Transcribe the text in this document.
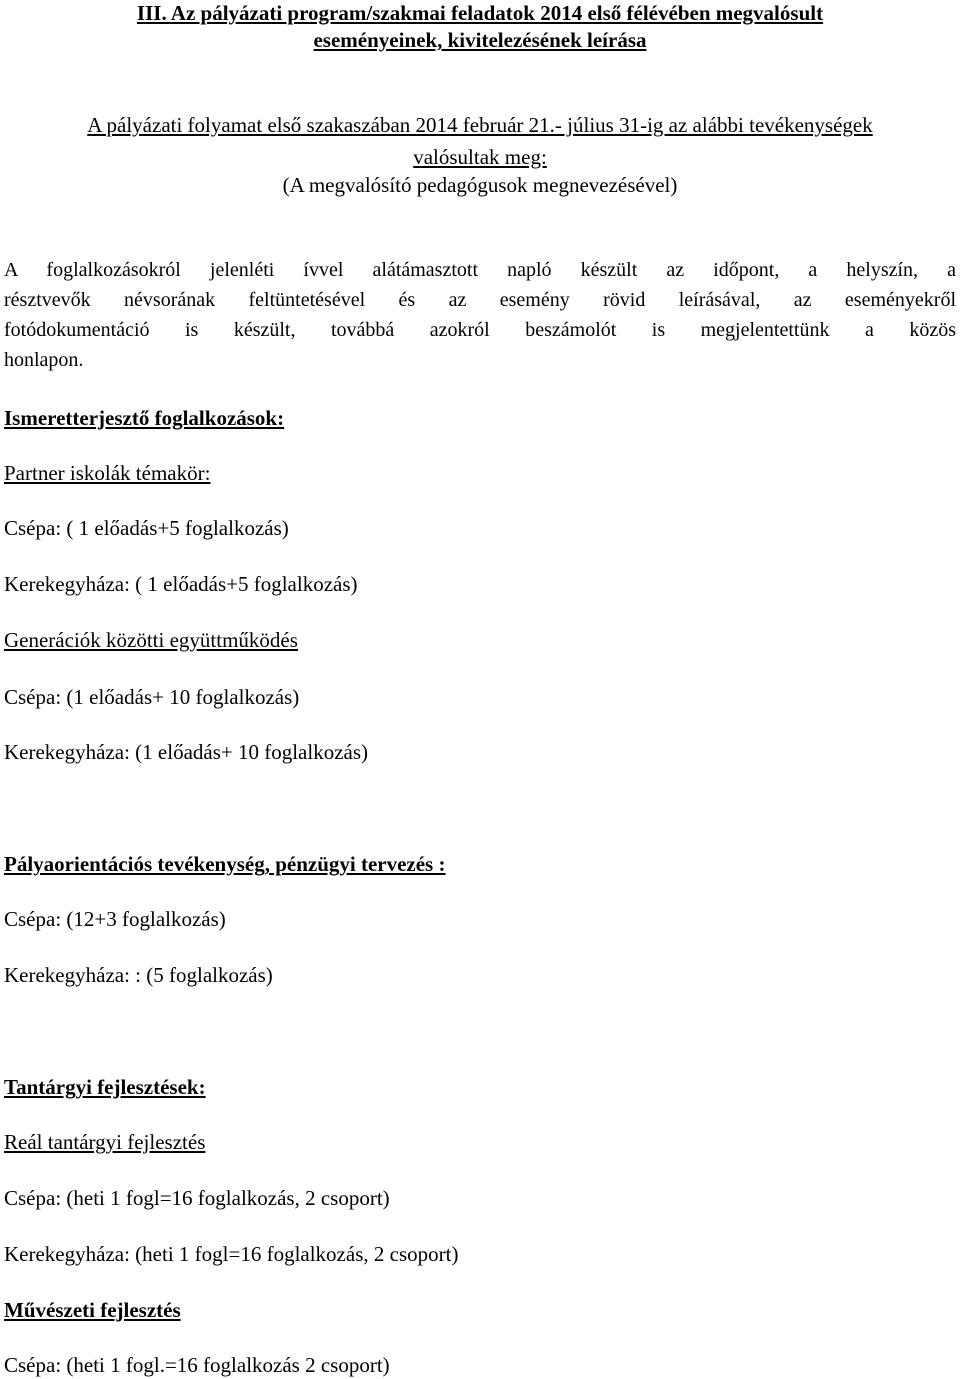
III. Az pályázati program/szakmai feladatok 2014 első félévében megvalósult
eseményeinek, kivitelezésének leírása
A pályázati folyamat első szakaszában 2014 február 21.- július 31-ig az alábbi tevékenységek
valósultak meg:
(A megvalósító pedagógusok megnevezésével)
A foglalkozásokról jelenléti ívvel alátámasztott napló készült az időpont, a helyszín, a
résztvevők névsorának feltüntetésével és az esemény rövid leírásával, az eseményekről
fotódokumentáció is készült, továbbá azokról beszámolót is megjelentettünk a közös
honlapon.
Ismeretterjesztő foglalkozások:
Partner iskolák témakör:
Csépa: ( 1 előadás+5 foglalkozás)
Kerekegyháza: ( 1 előadás+5 foglalkozás)
Generációk közötti együttműködés
Csépa: (1 előadás+ 10 foglalkozás)
Kerekegyháza: (1 előadás+ 10 foglalkozás)
Pályaorientációs tevékenység, pénzügyi tervezés :
Csépa: (12+3 foglalkozás)
Kerekegyháza: : (5 foglalkozás)
Tantárgyi fejlesztések:
Reál tantárgyi fejlesztés
Csépa: (heti 1 fogl=16 foglalkozás, 2 csoport)
Kerekegyháza: (heti 1 fogl=16 foglalkozás, 2 csoport)
Művészeti fejlesztés
Csépa: (heti 1 fogl.=16 foglalkozás 2 csoport)
